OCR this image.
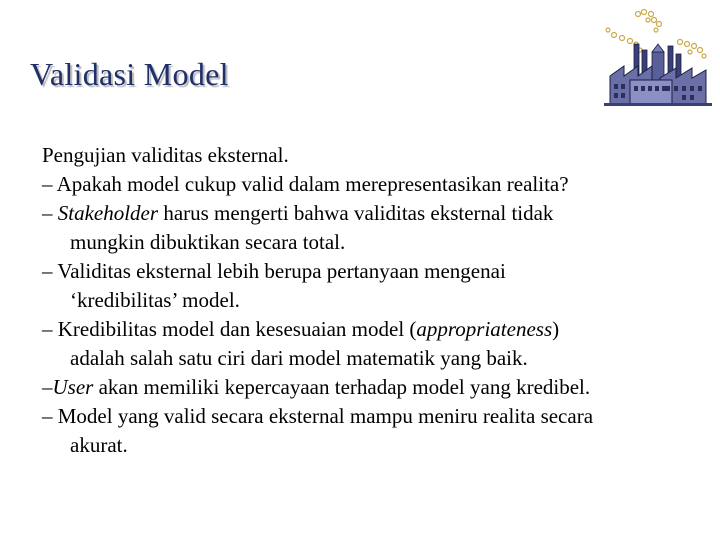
Validasi Model
Pengujian validitas eksternal.
– Apakah model cukup valid dalam merepresentasikan realita?
– Stakeholder harus mengerti bahwa validitas eksternal tidak
mungkin dibuktikan secara total.
– Validitas eksternal lebih berupa pertanyaan mengenai
‘kredibilitas’ model.
– Kredibilitas model dan kesesuaian model (appropriateness)
adalah salah satu ciri dari model matematik yang baik.
–User akan memiliki kepercayaan terhadap model yang kredibel.
– Model yang valid secara eksternal mampu meniru realita secara
akurat.
